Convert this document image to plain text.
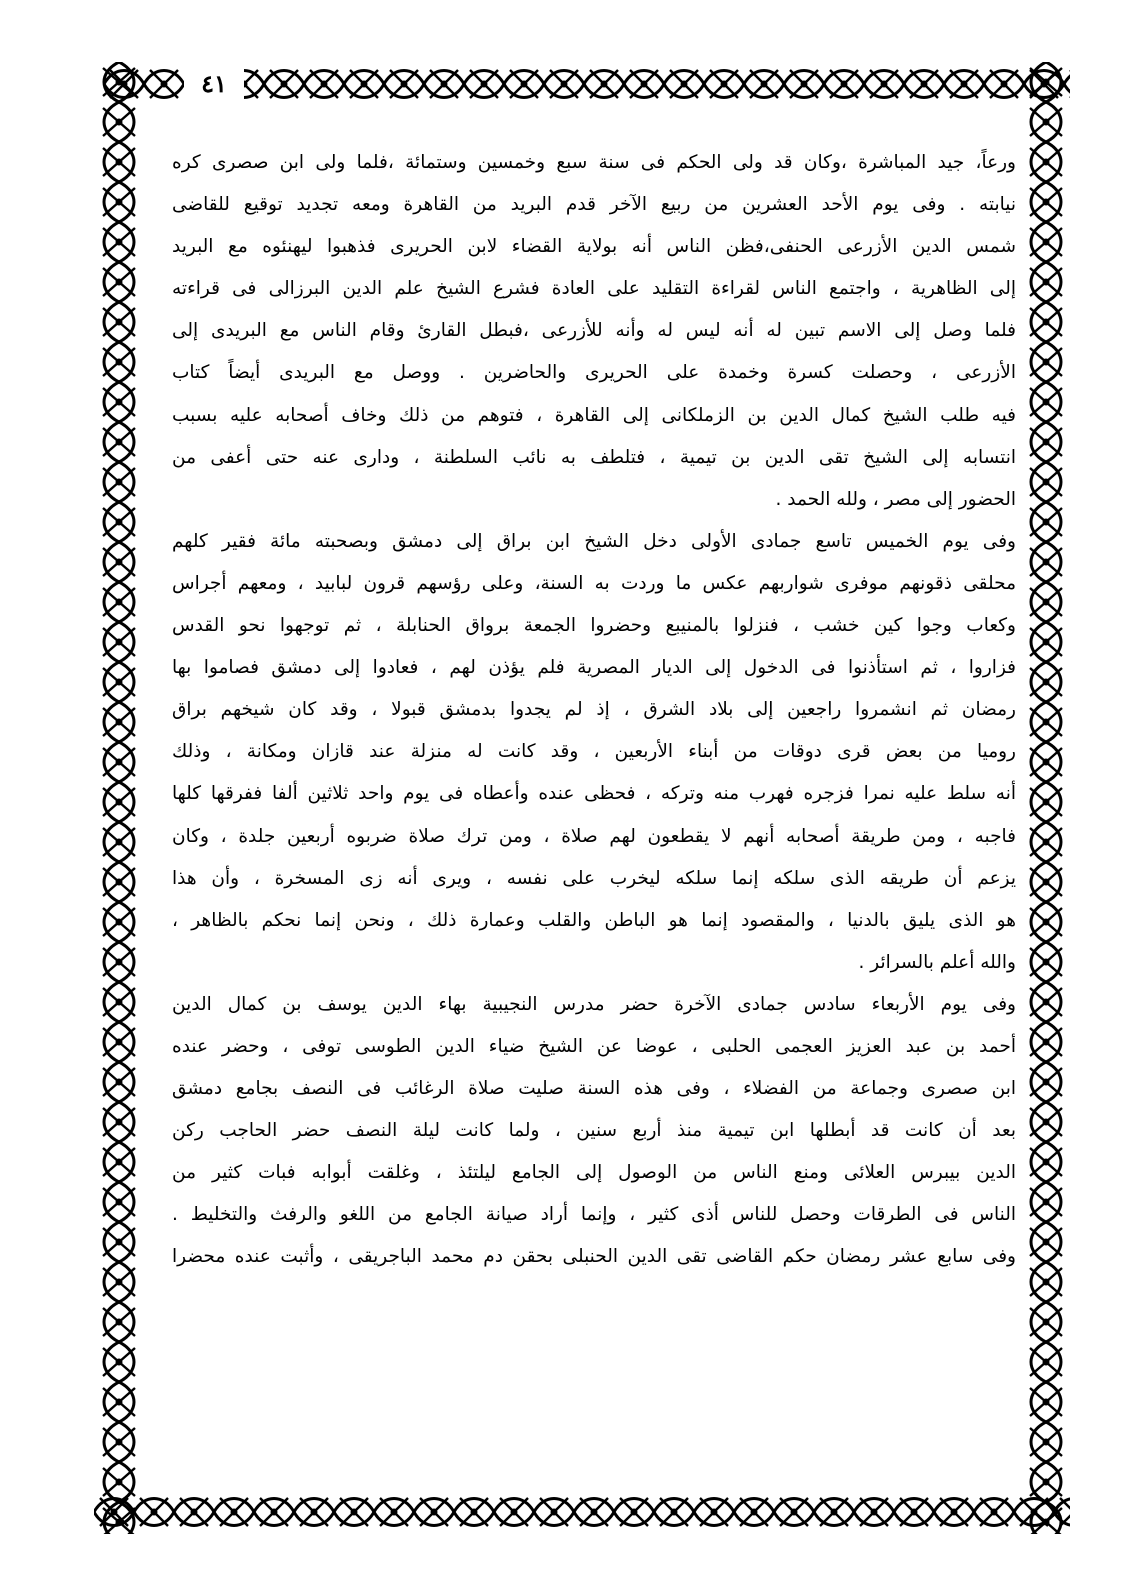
٤١
ورعاً، جيد المباشرة ،وكان قد ولى الحكم فى سنة سبع وخمسين وستمائة ،فلما ولى ابن صصرى كره
نيابته . وفى يوم الأحد العشرين من ربيع الآخر قدم البريد من القاهرة ومعه تجديد توقيع للقاضى
شمس الدين الأزرعى الحنفى،فظن الناس أنه بولاية القضاء لابن الحريرى فذهبوا ليهنئوه مع البريد
إلى الظاهرية ، واجتمع الناس لقراءة التقليد على العادة فشرع الشيخ علم الدين البرزالى فى قراءته
فلما وصل إلى الاسم تبين له أنه ليس له وأنه للأزرعى ،فبطل القارئ وقام الناس مع البريدى إلى
الأزرعى ، وحصلت كسرة وخمدة على الحريرى والحاضرين . ووصل مع البريدى أيضاً كتاب
فيه طلب الشيخ كمال الدين بن الزملكانى إلى القاهرة ، فتوهم من ذلك وخاف أصحابه عليه بسبب
انتسابه إلى الشيخ تقى الدين بن تيمية ، فتلطف به نائب السلطنة ، ودارى عنه حتى أعفى من
الحضور إلى مصر ، ولله الحمد .
وفى يوم الخميس تاسع جمادى الأولى دخل الشيخ ابن براق إلى دمشق وبصحبته مائة فقير كلهم
محلقى ذقونهم موفرى شواربهم عكس ما وردت به السنة، وعلى رؤسهم قرون لبابيد ، ومعهم أجراس
وكعاب وجوا كين خشب ، فنزلوا بالمنيبع وحضروا الجمعة برواق الحنابلة ، ثم توجهوا نحو القدس
فزاروا ، ثم استأذنوا فى الدخول إلى الديار المصرية فلم يؤذن لهم ، فعادوا إلى دمشق فصاموا بها
رمضان ثم انشمروا راجعين إلى بلاد الشرق ، إذ لم يجدوا بدمشق قبولا ، وقد كان شيخهم براق
روميا من بعض قرى دوقات من أبناء الأربعين ، وقد كانت له منزلة عند قازان ومكانة ، وذلك
أنه سلط عليه نمرا فزجره فهرب منه وتركه ، فحظى عنده وأعطاه فى يوم واحد ثلاثين ألفا ففرقها كلها
فاجبه ، ومن طريقة أصحابه أنهم لا يقطعون لهم صلاة ، ومن ترك صلاة ضربوه أربعين جلدة ، وكان
يزعم أن طريقه الذى سلكه إنما سلكه ليخرب على نفسه ، ويرى أنه زى المسخرة ، وأن هذا
هو الذى يليق بالدنيا ، والمقصود إنما هو الباطن والقلب وعمارة ذلك ، ونحن إنما نحكم بالظاهر ،
والله أعلم بالسرائر .
وفى يوم الأربعاء سادس جمادى الآخرة حضر مدرس النجيبية بهاء الدين يوسف بن كمال الدين
أحمد بن عبد العزيز العجمى الحلبى ، عوضا عن الشيخ ضياء الدين الطوسى توفى ، وحضر عنده
ابن صصرى وجماعة من الفضلاء ، وفى هذه السنة صليت صلاة الرغائب فى النصف بجامع دمشق
بعد أن كانت قد أبطلها ابن تيمية منذ أربع سنين ، ولما كانت ليلة النصف حضر الحاجب ركن
الدين بيبرس العلائى ومنع الناس من الوصول إلى الجامع ليلتئذ ، وغلقت أبوابه فبات كثير من
الناس فى الطرقات وحصل للناس أذى كثير ، وإنما أراد صيانة الجامع من اللغو والرفث والتخليط .
وفى سابع عشر رمضان حكم القاضى تقى الدين الحنبلى بحقن دم محمد الباجريقى ، وأثبت عنده محضرا
